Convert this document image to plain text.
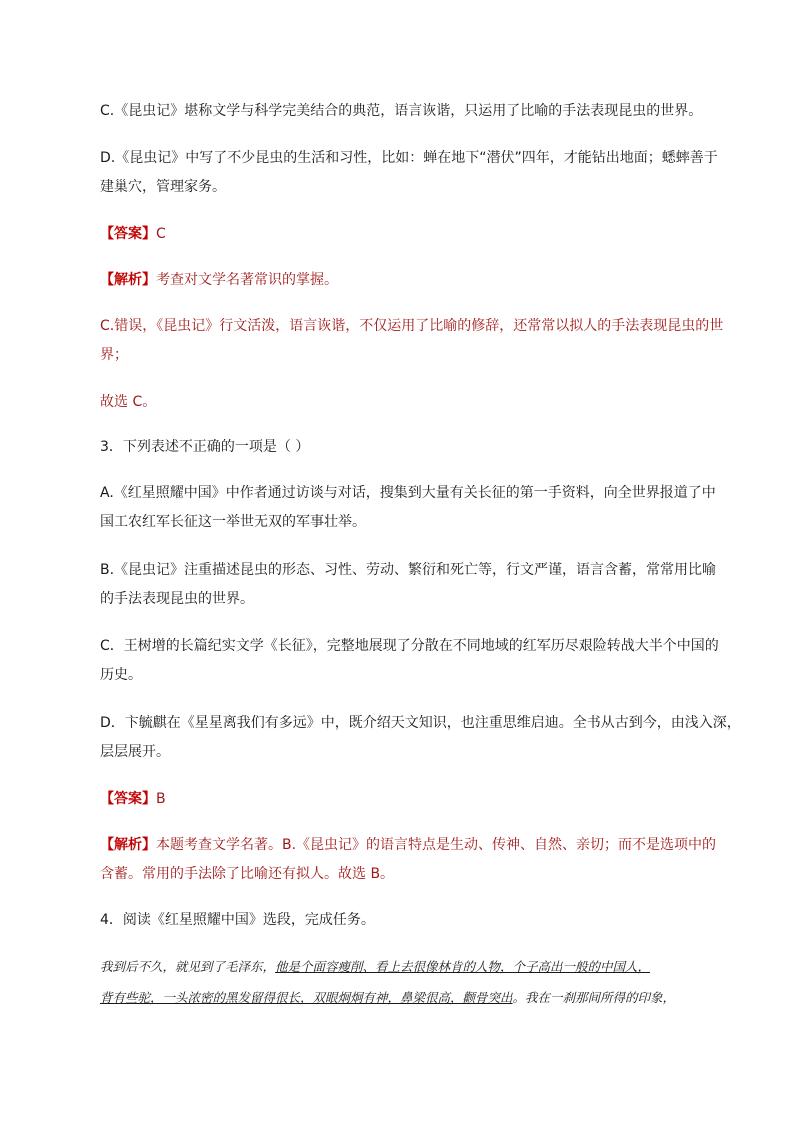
C.《昆虫记》堪称文学与科学完美结合的典范，语言诙谐，只运用了比喻的手法表现昆虫的世界。
D.《昆虫记》中写了不少昆虫的生活和习性，比如：蝉在地下“潜伏”四年，才能钻出地面；蟋蟀善于
建巢穴，管理家务。
【答案】C
【解析】考查对文学名著常识的掌握。
C.错误，《昆虫记》行文活泼，语言诙谐，不仅运用了比喻的修辞，还常常以拟人的手法表现昆虫的世
界；
故选 C。
3．下列表述不正确的一项是（ ）
A.《红星照耀中国》中作者通过访谈与对话，搜集到大量有关长征的第一手资料，向全世界报道了中
国工农红军长征这一举世无双的军事壮举。
B.《昆虫记》注重描述昆虫的形态、习性、劳动、繁衍和死亡等，行文严谨，语言含蓄，常常用比喻
的手法表现昆虫的世界。
C．王树增的长篇纪实文学《长征》，完整地展现了分散在不同地域的红军历尽艰险转战大半个中国的
历史。
D．卞毓麒在《星星离我们有多远》中，既介绍天文知识，也注重思维启迪。全书从古到今，由浅入深，
层层展开。
【答案】B
【解析】本题考查文学名著。B.《昆虫记》的语言特点是生动、传神、自然、亲切；而不是选项中的
含蓄。常用的手法除了比喻还有拟人。故选 B。
4．阅读《红星照耀中国》选段，完成任务。
我到后不久，就见到了毛泽东，他是个面容瘦削、看上去很像林肯的人物，个子高出一般的中国人，
背有些驼，一头浓密的黑发留得很长，双眼炯炯有神，鼻梁很高，颧骨突出。我在一刹那间所得的印象，
